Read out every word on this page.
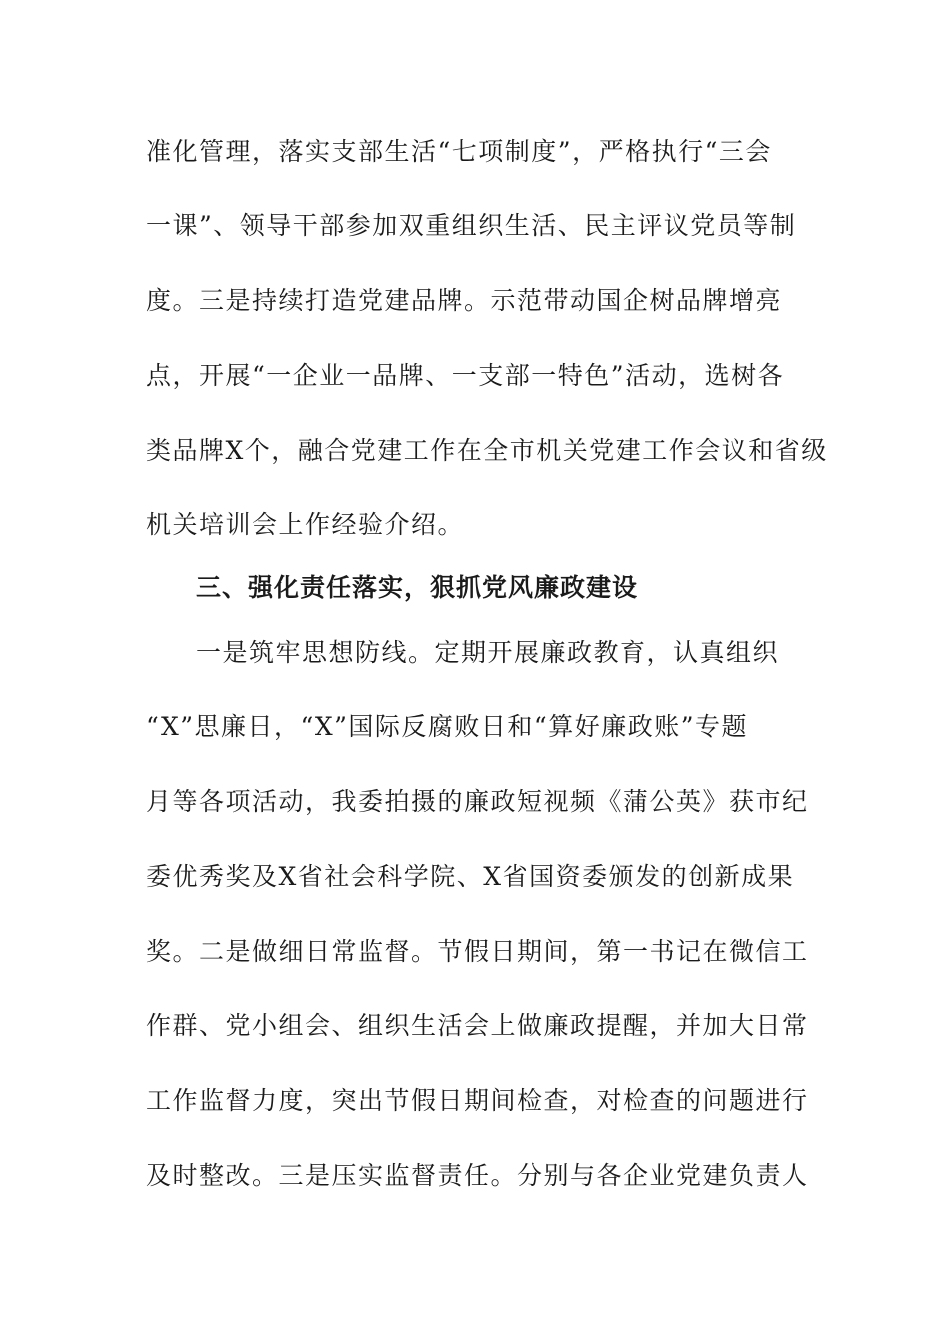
准化管理，落实支部生活“七项制度”，严格执行“三会
一课”、领导干部参加双重组织生活、民主评议党员等制
度。三是持续打造党建品牌。示范带动国企树品牌增亮
点，开展“一企业一品牌、一支部一特色”活动，选树各
类品牌X个，融合党建工作在全市机关党建工作会议和省级
机关培训会上作经验介绍。
三、强化责任落实，狠抓党风廉政建设
一是筑牢思想防线。定期开展廉政教育，认真组织
“X”思廉日，“X”国际反腐败日和“算好廉政账”专题
月等各项活动，我委拍摄的廉政短视频《蒲公英》获市纪
委优秀奖及X省社会科学院、X省国资委颁发的创新成果
奖。二是做细日常监督。节假日期间，第一书记在微信工
作群、党小组会、组织生活会上做廉政提醒，并加大日常
工作监督力度，突出节假日期间检查，对检查的问题进行
及时整改。三是压实监督责任。分别与各企业党建负责人
